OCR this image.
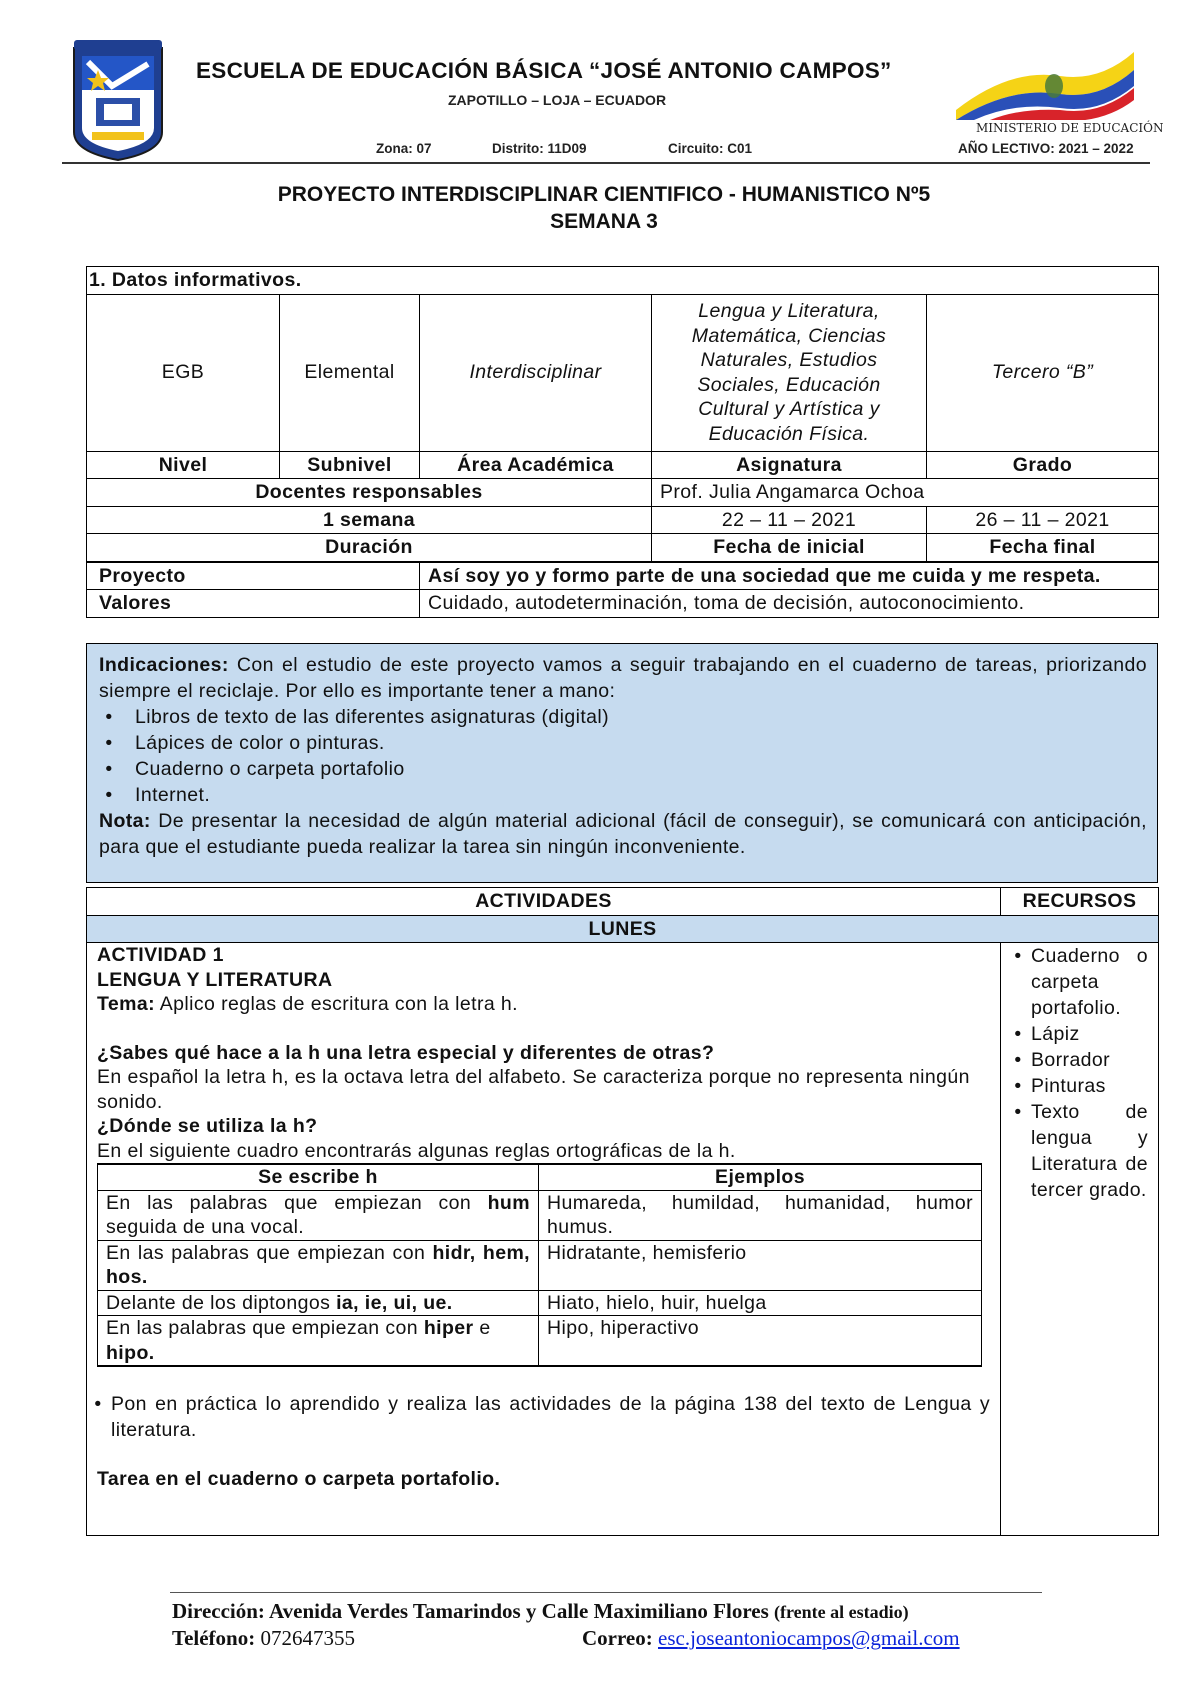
ESCUELA DE EDUCACIÓN BÁSICA “JOSÉ ANTONIO CAMPOS”
ZAPOTILLO – LOJA – ECUADOR
Zona: 07	Distrito: 11D09	Circuito: C01
MINISTERIO DE EDUCACIÓN
AÑO LECTIVO: 2021 – 2022
PROYECTO INTERDISCIPLINAR CIENTIFICO - HUMANISTICO Nº5
SEMANA 3
1. Datos informativos.				
EGB	Elemental	Interdisciplinar	Lengua y Literatura, Matemática, Ciencias Naturales, Estudios Sociales, Educación Cultural y Artística y Educación Física.	Tercero “B”
Nivel	Subnivel	Área Académica	Asignatura	Grado
Docentes responsables			Prof. Julia Angamarca Ochoa	
1 semana			22 – 11 – 2021	26 – 11 – 2021
Duración			Fecha de inicial	Fecha final
Proyecto		Así soy yo y formo parte de una sociedad que me cuida y me respeta.		
Valores		Cuidado, autodeterminación, toma de decisión, autoconocimiento.		
Indicaciones: Con el estudio de este proyecto vamos a seguir trabajando en el cuaderno de tareas, priorizando siempre el reciclaje. Por ello es importante tener a mano:
• Libros de texto de las diferentes asignaturas (digital)
• Lápices de color o pinturas.
• Cuaderno o carpeta portafolio
• Internet.
Nota: De presentar la necesidad de algún material adicional (fácil de conseguir), se comunicará con anticipación, para que el estudiante pueda realizar la tarea sin ningún inconveniente.
ACTIVIDADES	RECURSOS
LUNES

ACTIVIDAD 1
LENGUA Y LITERATURA
Tema: Aplico reglas de escritura con la letra h.
¿Sabes qué hace a la h una letra especial y diferentes de otras?
En español la letra h, es la octava letra del alfabeto. Se caracteriza porque no representa ningún sonido.
¿Dónde se utiliza la h?
En el siguiente cuadro encontrarás algunas reglas ortográficas de la h.
Se escribe h	Ejemplos
En las palabras que empiezan con hum seguida de una vocal.	Humareda, humildad, humanidad, humor humus.
En las palabras que empiezan con hidr, hem, hos.	Hidratante, hemisferio
Delante de los diptongos ia, ie, ui, ue.	Hiato, hielo, huir, huelga
En las palabras que empiezan con hiper e hipo.	Hipo, hiperactivo
• Pon en práctica lo aprendido y realiza las actividades de la página 138 del texto de Lengua y literatura.
Tarea en el cuaderno o carpeta portafolio.

• Cuaderno o carpeta portafolio.
• Lápiz
• Borrador
• Pinturas
• Texto de lengua y Literatura de tercer grado.
Dirección: Avenida Verdes Tamarindos y Calle Maximiliano Flores (frente al estadio)
Teléfono: 072647355	Correo: esc.joseantoniocampos@gmail.com
